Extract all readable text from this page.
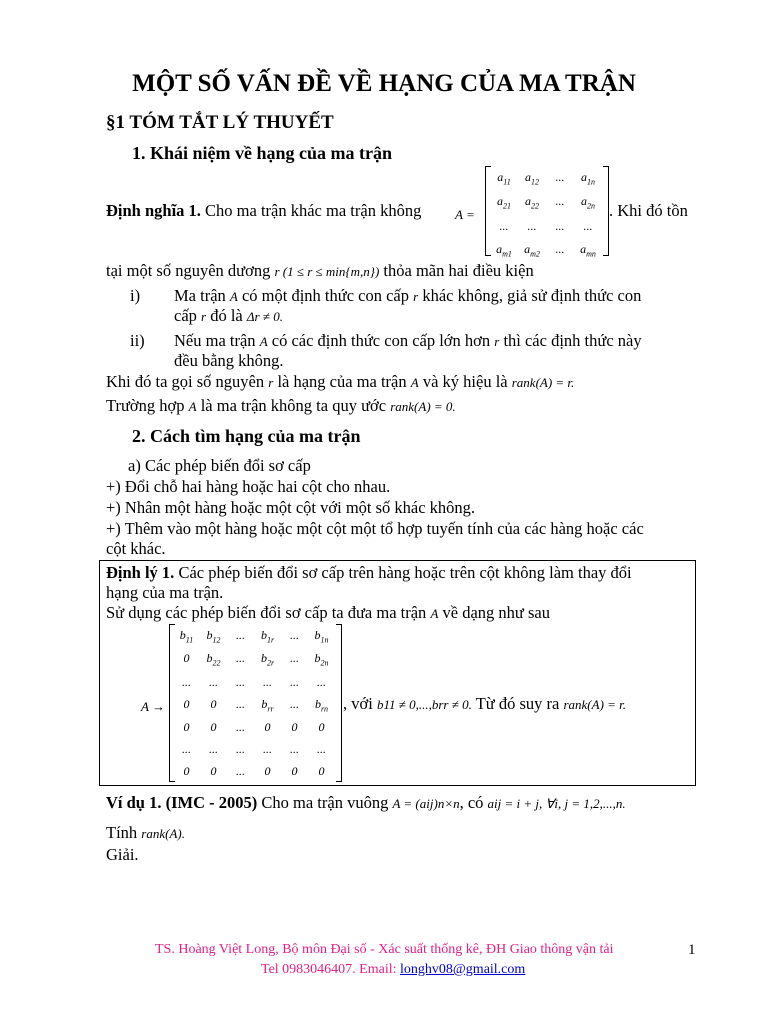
MỘT SỐ VẤN ĐỀ VỀ HẠNG CỦA MA TRẬN
§1 TÓM TẮT LÝ THUYẾT
1. Khái niệm về hạng của ma trận
Định nghĩa 1. Cho ma trận khác ma trận không	A =
$a_{11}$	$a_{12}$	...	$a_{1n}$
$a_{21}$	$a_{22}$	...	$a_{2n}$
...	...	...	...
$a_{m1}$	$a_{m2}$	...	$a_{mn}$
. Khi đó tồn
tại một số nguyên dương r (1 ≤ r ≤ min{m,n}) thỏa mãn hai điều kiện
i) Ma trận A có một định thức con cấp r khác không, giả sử định thức con
cấp r đó là Δr ≠ 0.
ii) Nếu ma trận A có các định thức con cấp lớn hơn r thì các định thức này
đều bằng không.
Khi đó ta gọi số nguyên r là hạng của ma trận A và ký hiệu là rank(A) = r.
Trường hợp A là ma trận không ta quy ước rank(A) = 0.
2. Cách tìm hạng của ma trận
a) Các phép biến đổi sơ cấp
+) Đổi chỗ hai hàng hoặc hai cột cho nhau.
+) Nhân một hàng hoặc một cột với một số khác không.
+) Thêm vào một hàng hoặc một cột một tổ hợp tuyến tính của các hàng hoặc các
cột khác.
Định lý 1. Các phép biến đổi sơ cấp trên hàng hoặc trên cột không làm thay đổi
hạng của ma trận.
Sử dụng các phép biến đổi sơ cấp ta đưa ma trận A về dạng như sau
A →
$b_{11}$	$b_{12}$	...	$b_{1r}$	...	$b_{1n}$
0	$b_{22}$	...	$b_{2r}$	...	$b_{2n}$
...	...	...	...	...	...
0	0	...	$b_{rr}$	...	$b_{rn}$
0	0	...	0	0	0
...	...	...	...	...	...
0	0	...	0	0	0
, với b11 ≠ 0,...,brr ≠ 0. Từ đó suy ra rank(A) = r.
Ví dụ 1. (IMC - 2005) Cho ma trận vuông A = (aij)n×n, có aij = i + j, ∀i, j = 1,2,...,n.
Tính rank(A).
Giải.
TS. Hoàng Việt Long, Bộ môn Đại số - Xác suất thống kê, ĐH Giao thông vận tải
Tel 0983046407. Email: longhv08@gmail.com
1
